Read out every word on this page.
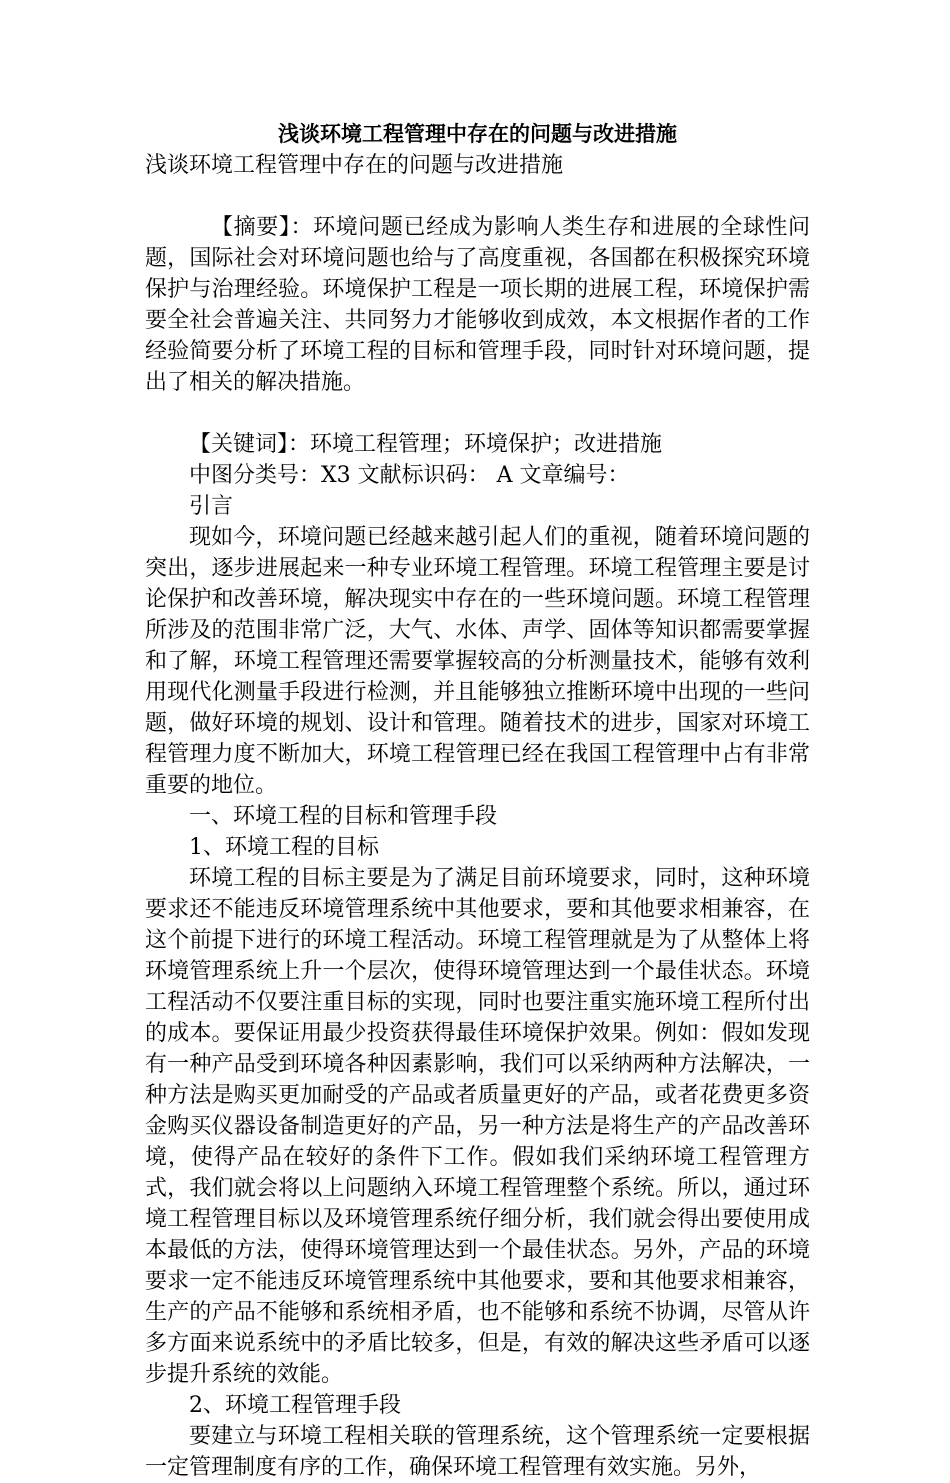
浅谈环境工程管理中存在的问题与改进措施

浅谈环境工程管理中存在的问题与改进措施

【摘要】：环境问题已经成为影响人类生存和进展的全球性问题，国际社会对环境问题也给与了高度重视，各国都在积极探究环境保护与治理经验。环境保护工程是一项长期的进展工程，环境保护需要全社会普遍关注、共同努力才能够收到成效，本文根据作者的工作经验简要分析了环境工程的目标和管理手段，同时针对环境问题，提出了相关的解决措施。

【关键词】：环境工程管理；环境保护；改进措施

中图分类号：X3 文献标识码： A 文章编号：

引言

现如今，环境问题已经越来越引起人们的重视，随着环境问题的突出，逐步进展起来一种专业环境工程管理。环境工程管理主要是讨论保护和改善环境，解决现实中存在的一些环境问题。环境工程管理所涉及的范围非常广泛，大气、水体、声学、固体等知识都需要掌握和了解，环境工程管理还需要掌握较高的分析测量技术，能够有效利用现代化测量手段进行检测，并且能够独立推断环境中出现的一些问题，做好环境的规划、设计和管理。随着技术的进步，国家对环境工程管理力度不断加大，环境工程管理已经在我国工程管理中占有非常重要的地位。

一、环境工程的目标和管理手段

1、环境工程的目标

环境工程的目标主要是为了满足目前环境要求，同时，这种环境要求还不能违反环境管理系统中其他要求，要和其他要求相兼容，在这个前提下进行的环境工程活动。环境工程管理就是为了从整体上将环境管理系统上升一个层次，使得环境管理达到一个最佳状态。环境工程活动不仅要注重目标的实现，同时也要注重实施环境工程所付出的成本。要保证用最少投资获得最佳环境保护效果。例如：假如发现有一种产品受到环境各种因素影响，我们可以采纳两种方法解决，一种方法是购买更加耐受的产品或者质量更好的产品，或者花费更多资金购买仪器设备制造更好的产品，另一种方法是将生产的产品改善环境，使得产品在较好的条件下工作。假如我们采纳环境工程管理方式，我们就会将以上问题纳入环境工程管理整个系统。所以，通过环境工程管理目标以及环境管理系统仔细分析，我们就会得出要使用成本最低的方法，使得环境管理达到一个最佳状态。另外，产品的环境要求一定不能违反环境管理系统中其他要求，要和其他要求相兼容，生产的产品不能够和系统相矛盾，也不能够和系统不协调，尽管从许多方面来说系统中的矛盾比较多，但是，有效的解决这些矛盾可以逐步提升系统的效能。

2、环境工程管理手段

要建立与环境工程相关联的管理系统，这个管理系统一定要根据一定管理制度有序的工作，确保环境工程管理有效实施。另外，
